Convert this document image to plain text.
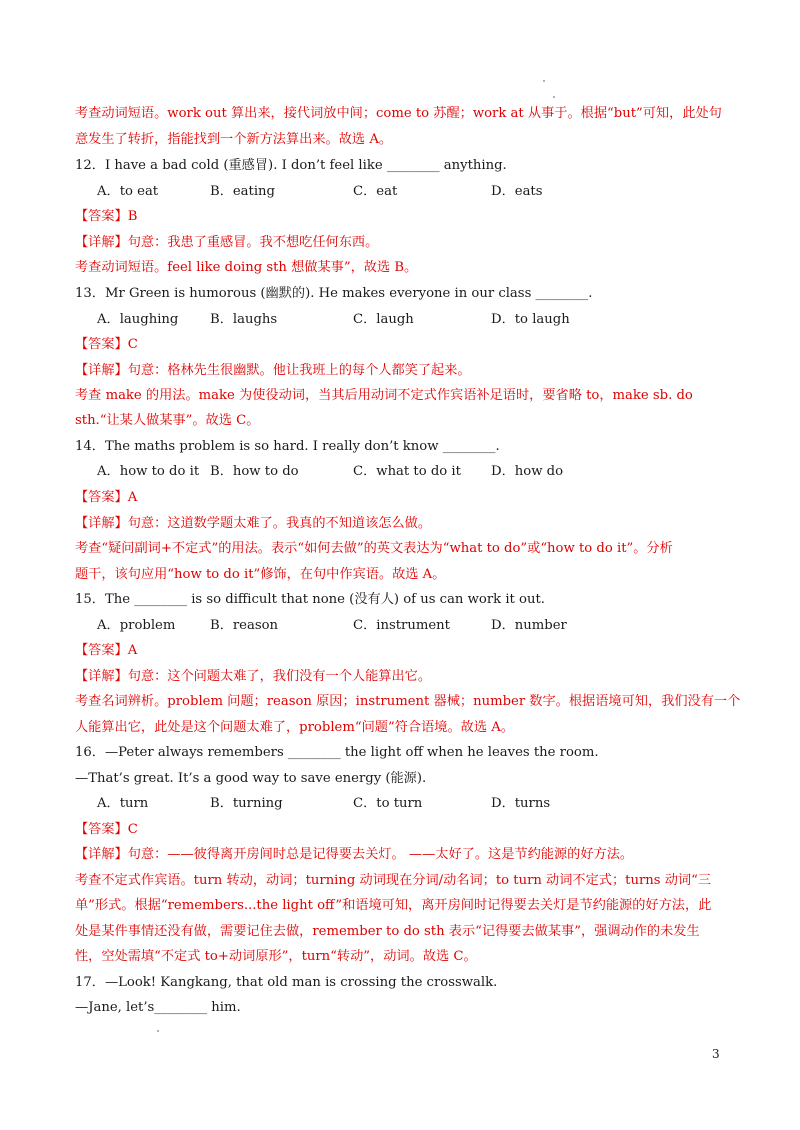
考查动词短语。work out 算出来，接代词放中间；come to 苏醒；work at 从事于。根据“but”可知，此处句
意发生了转折，指能找到一个新方法算出来。故选 A。
12．I have a bad cold (重感冒). I don’t feel like ________ anything.
A．to eat	B．eating	C．eat	D．eats
【答案】B
【详解】句意：我患了重感冒。我不想吃任何东西。
考查动词短语。feel like doing sth 想做某事”，故选 B。
13．Mr Green is humorous (幽默的). He makes everyone in our class ________.
A．laughing B．laughs	C．laugh	D．to laugh
【答案】C
【详解】句意：格林先生很幽默。他让我班上的每个人都笑了起来。
考查 make 的用法。make 为使役动词，当其后用动词不定式作宾语补足语时，要省略 to，make sb. do
sth.“让某人做某事”。故选 C。
14．The maths problem is so hard. I really don’t know ________.
A．how to do it B．how to do	C．what to do it D．how do
【答案】A
【详解】句意：这道数学题太难了。我真的不知道该怎么做。
考查“疑问副词+不定式”的用法。表示“如何去做”的英文表达为“what to do”或“how to do it”。分析
题干，该句应用“how to do it”修饰，在句中作宾语。故选 A。
15．The ________ is so difficult that none (没有人) of us can work it out.
A．problem	B．reason	C．instrument	D．number
【答案】A
【详解】句意：这个问题太难了，我们没有一个人能算出它。
考查名词辨析。problem 问题；reason 原因；instrument 器械；number 数字。根据语境可知，我们没有一个
人能算出它，此处是这个问题太难了，problem“问题”符合语境。故选 A。
16．—Peter always remembers ________ the light off when he leaves the room.
—That’s great. It’s a good way to save energy (能源).
A．turn	B．turning	C．to turn	D．turns
【答案】C
【详解】句意：——彼得离开房间时总是记得要去关灯。 ——太好了。这是节约能源的好方法。
考查不定式作宾语。turn 转动，动词；turning 动词现在分词/动名词；to turn 动词不定式；turns 动词“三
单”形式。根据“remembers...the light off”和语境可知，离开房间时记得要去关灯是节约能源的好方法，此
处是某件事情还没有做，需要记住去做，remember to do sth 表示“记得要去做某事”，强调动作的未发生
性，空处需填“不定式 to+动词原形”，turn“转动”，动词。故选 C。
17．—Look! Kangkang, that old man is crossing the crosswalk.
—Jane, let’s________ him.
3
